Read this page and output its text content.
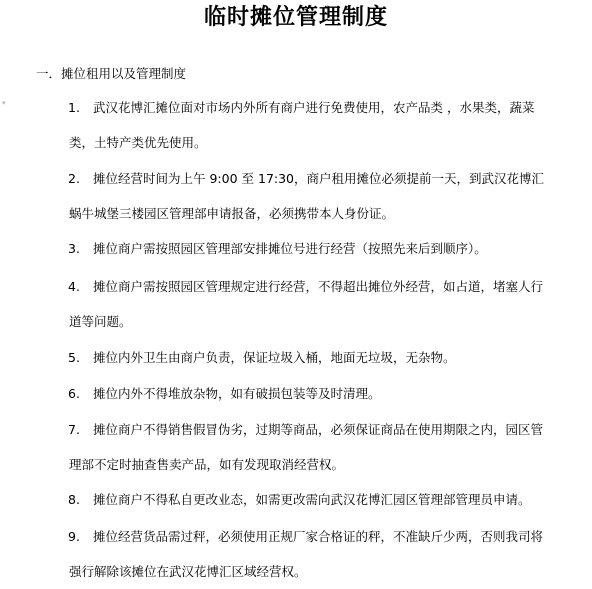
临时摊位管理制度
▾
一．摊位租用以及管理制度
1. 武汉花博汇摊位面对市场内外所有商户进行免费使用，农产品类 ，水果类，蔬菜
类，土特产类优先使用。
2. 摊位经营时间为上午 9:00 至 17:30，商户租用摊位必须提前一天，到武汉花博汇
蜗牛城堡三楼园区管理部申请报备，必须携带本人身份证。
3. 摊位商户需按照园区管理部安排摊位号进行经营（按照先来后到顺序）。
4. 摊位商户需按照园区管理规定进行经营，不得超出摊位外经营，如占道，堵塞人行
道等问题。
5. 摊位内外卫生由商户负责，保证垃圾入桶，地面无垃圾，无杂物。
6. 摊位内外不得堆放杂物，如有破损包装等及时清理。
7. 摊位商户不得销售假冒伪劣，过期等商品，必须保证商品在使用期限之内，园区管
理部不定时抽查售卖产品，如有发现取消经营权。
8. 摊位商户不得私自更改业态，如需更改需向武汉花博汇园区管理部管理员申请。
9. 摊位经营货品需过秤，必须使用正规厂家合格证的秤，不准缺斤少两，否则我司将
强行解除该摊位在武汉花博汇区域经营权。
